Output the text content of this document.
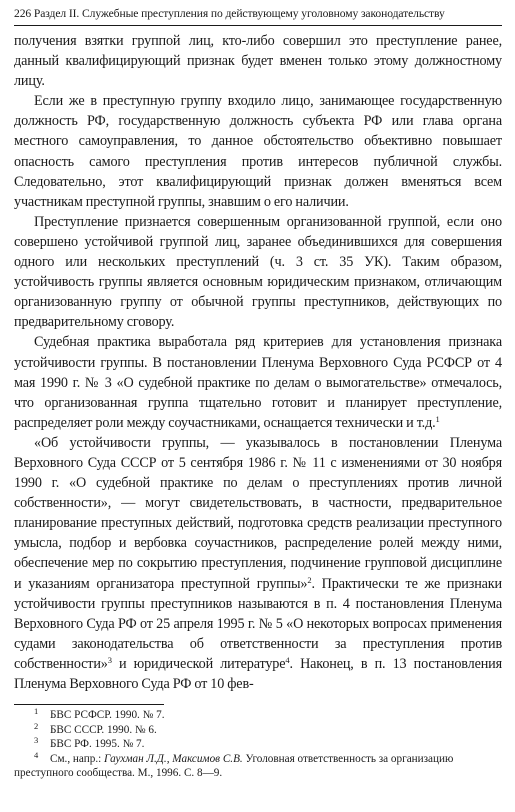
226 Раздел II. Служебные преступления по действующему уголовному законодательству

получения взятки группой лиц, кто-либо совершил это преступление ранее, данный квалифицирующий признак будет вменен только этому должностному лицу.

Если же в преступную группу входило лицо, занимающее государственную должность РФ, государственную должность субъекта РФ или глава органа местного самоуправления, то данное обстоятельство объективно повышает опасность самого преступления против интересов публичной службы. Следовательно, этот квалифицирующий признак должен вменяться всем участникам преступной группы, знавшим о его наличии.

Преступление признается совершенным организованной группой, если оно совершено устойчивой группой лиц, заранее объединившихся для совершения одного или нескольких преступлений (ч. 3 ст. 35 УК). Таким образом, устойчивость группы является основным юридическим признаком, отличающим организованную группу от обычной группы преступников, действующих по предварительному сговору.

Судебная практика выработала ряд критериев для установления признака устойчивости группы. В постановлении Пленума Верховного Суда РСФСР от 4 мая 1990 г. № 3 «О судебной практике по делам о вымогательстве» отмечалось, что организованная группа тщательно готовит и планирует преступление, распределяет роли между соучастниками, оснащается технически и т.д.$^1$

«Об устойчивости группы, — указывалось в постановлении Пленума Верховного Суда СССР от 5 сентября 1986 г. № 11 с изменениями от 30 ноября 1990 г. «О судебной практике по делам о преступлениях против личной собственности», — могут свидетельствовать, в частности, предварительное планирование преступных действий, подготовка средств реализации преступного умысла, подбор и вербовка соучастников, распределение ролей между ними, обеспечение мер по сокрытию преступления, подчинение групповой дисциплине и указаниям организатора преступной группы»$^2$. Практически те же признаки устойчивости группы преступников называются в п. 4 постановления Пленума Верховного Суда РФ от 25 апреля 1995 г. № 5 «О некоторых вопросах применения судами законодательства об ответственности за преступления против собственности»$^3$ и юридической литературе$^4$. Наконец, в п. 13 постановления Пленума Верховного Суда РФ от 10 фев-

1 БВС РСФСР. 1990. № 7.
2 БВС СССР. 1990. № 6.
3 БВС РФ. 1995. № 7.
4 См., напр.: Гаухман Л.Д., Максимов С.В. Уголовная ответственность за организацию преступного сообщества. М., 1996. С. 8—9.
